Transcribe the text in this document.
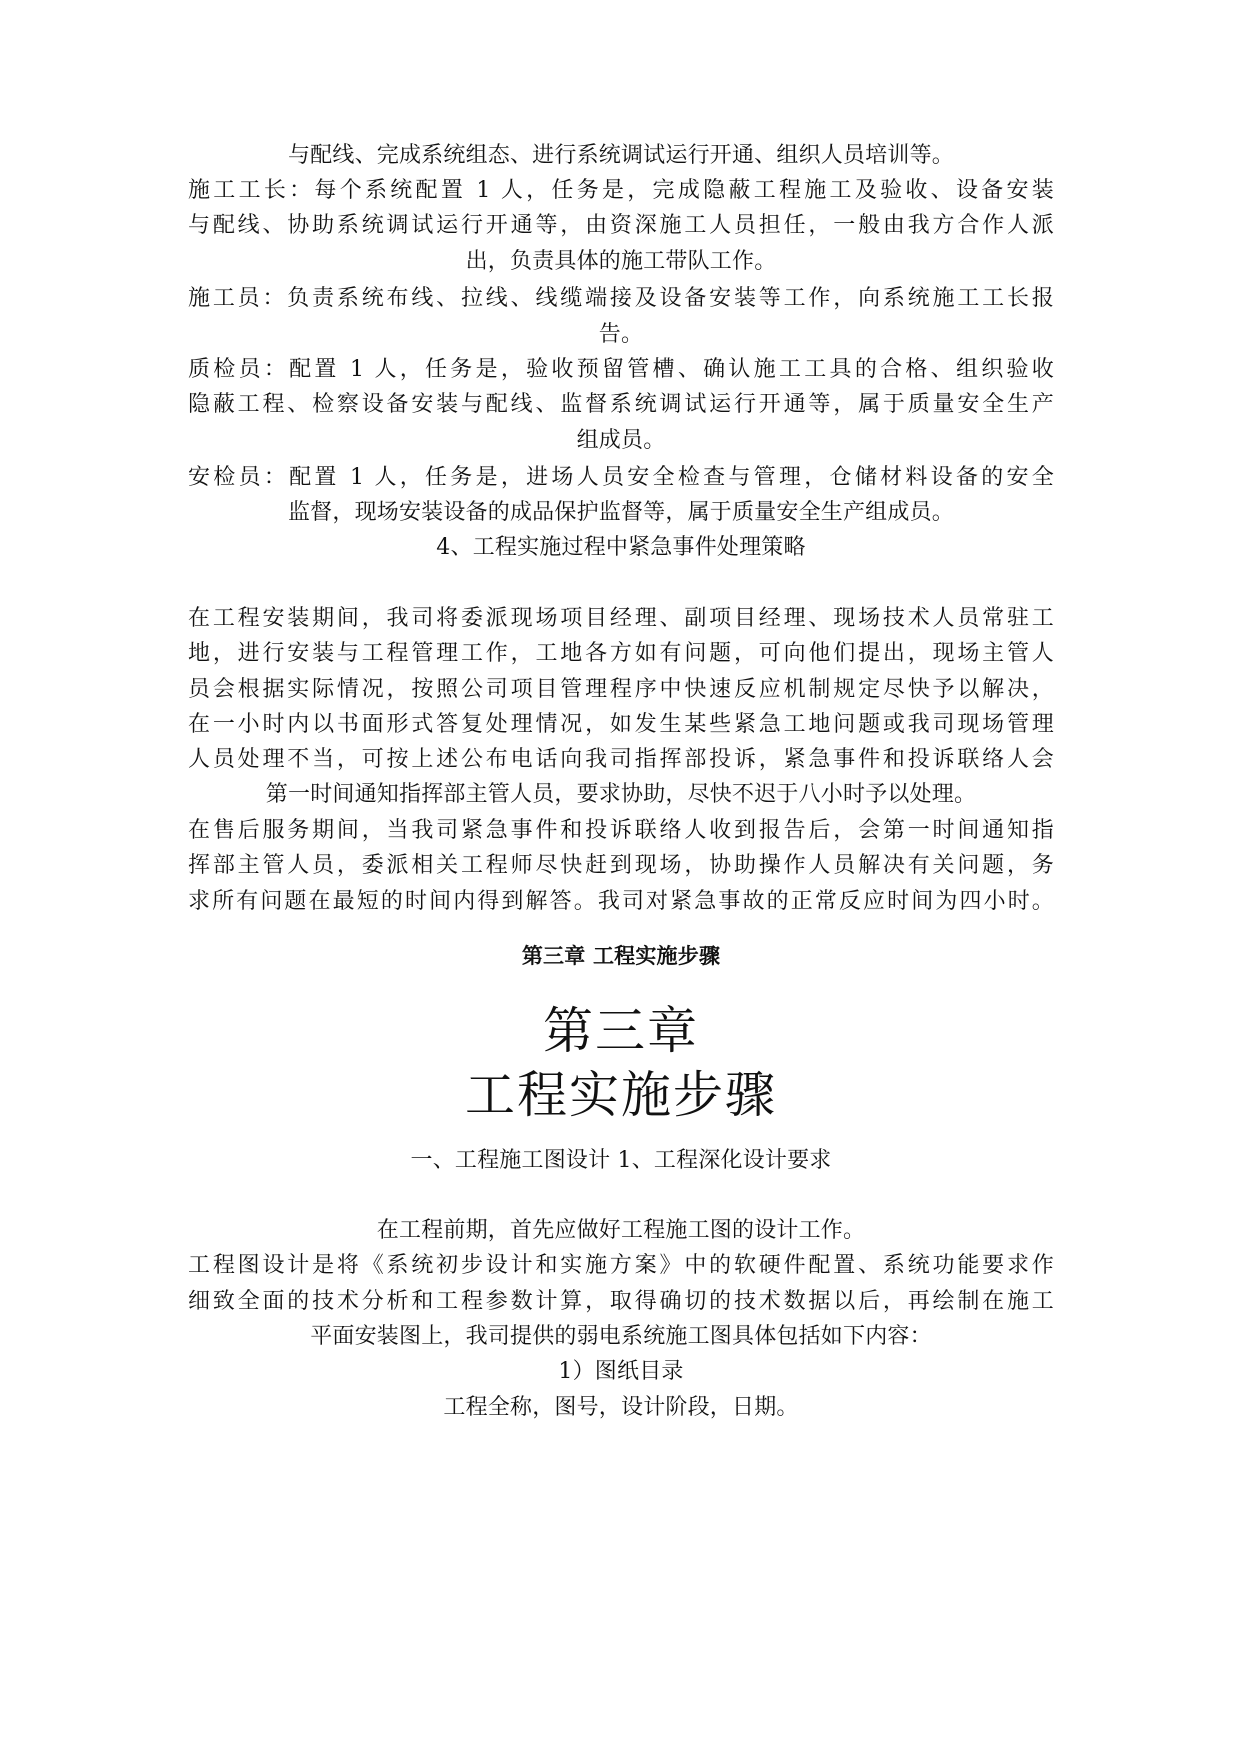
与配线、完成系统组态、进行系统调试运行开通、组织人员培训等。
施工工长：每个系统配置 1 人，任务是，完成隐蔽工程施工及验收、设备安装
与配线、协助系统调试运行开通等，由资深施工人员担任，一般由我方合作人派
出，负责具体的施工带队工作。
施工员：负责系统布线、拉线、线缆端接及设备安装等工作，向系统施工工长报
告。
质检员：配置 1 人，任务是，验收预留管槽、确认施工工具的合格、组织验收
隐蔽工程、检察设备安装与配线、监督系统调试运行开通等，属于质量安全生产
组成员。
安检员：配置 1 人，任务是，进场人员安全检查与管理，仓储材料设备的安全
监督，现场安装设备的成品保护监督等，属于质量安全生产组成员。
4、工程实施过程中紧急事件处理策略
在工程安装期间，我司将委派现场项目经理、副项目经理、现场技术人员常驻工
地，进行安装与工程管理工作，工地各方如有问题，可向他们提出，现场主管人
员会根据实际情况，按照公司项目管理程序中快速反应机制规定尽快予以解决，
在一小时内以书面形式答复处理情况，如发生某些紧急工地问题或我司现场管理
人员处理不当，可按上述公布电话向我司指挥部投诉，紧急事件和投诉联络人会
第一时间通知指挥部主管人员，要求协助，尽快不迟于八小时予以处理。
在售后服务期间，当我司紧急事件和投诉联络人收到报告后，会第一时间通知指
挥部主管人员，委派相关工程师尽快赶到现场，协助操作人员解决有关问题，务
求所有问题在最短的时间内得到解答。我司对紧急事故的正常反应时间为四小时。
第三章 工程实施步骤
第三章
工程实施步骤
一、工程施工图设计 1、工程深化设计要求
在工程前期，首先应做好工程施工图的设计工作。
工程图设计是将《系统初步设计和实施方案》中的软硬件配置、系统功能要求作
细致全面的技术分析和工程参数计算，取得确切的技术数据以后，再绘制在施工
平面安装图上，我司提供的弱电系统施工图具体包括如下内容：
1）图纸目录
工程全称，图号，设计阶段，日期。
